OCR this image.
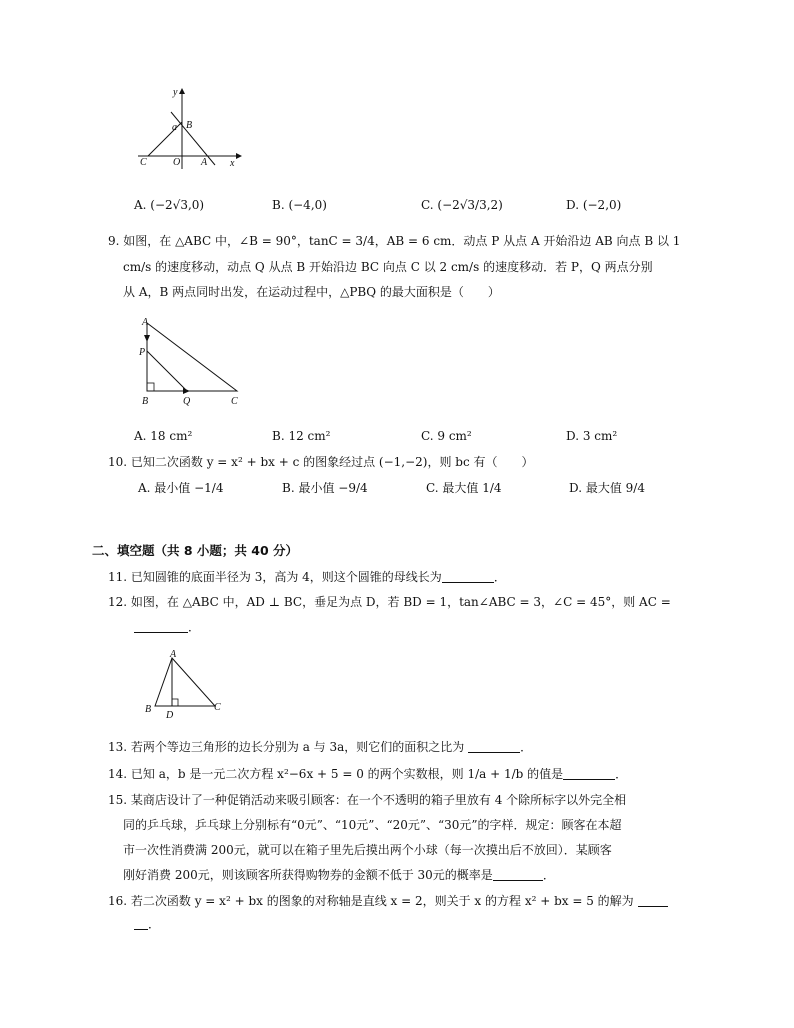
y
x
a B
C	O A
A. (−2√3,0)	B. (−4,0)	C. (−2√3/3,2)	D. (−2,0)
9. 如图，在 △ABC 中，∠B = 90°，tanC = 3/4，AB = 6 cm．动点 P 从点 A 开始沿边 AB 向点 B 以 1
cm/s 的速度移动，动点 Q 从点 B 开始沿边 BC 向点 C 以 2 cm/s 的速度移动．若 P，Q 两点分别
从 A，B 两点同时出发，在运动过程中，△PBQ 的最大面积是（　　）
A
P
B	Q	C
A. 18 cm²	B. 12 cm²	C. 9 cm²	D. 3 cm²
10. 已知二次函数 y = x² + bx + c 的图象经过点 (−1,−2)，则 bc 有（　　）
A. 最小值 −1/4	B. 最小值 −9/4	C. 最大值 1/4	D. 最大值 9/4
二、填空题（共 8 小题；共 40 分）
11. 已知圆锥的底面半径为 3，高为 4，则这个圆锥的母线长为	．
12. 如图，在 △ABC 中，AD ⊥ BC，垂足为点 D，若 BD = 1，tan∠ABC = 3，∠C = 45°，则 AC =
．
A
B
D
C
13. 若两个等边三角形的边长分别为 a 与 3a，则它们的面积之比为	．
14. 已知 a，b 是一元二次方程 x²−6x + 5 = 0 的两个实数根，则 1/a + 1/b 的值是	．
15. 某商店设计了一种促销活动来吸引顾客：在一个不透明的箱子里放有 4 个除所标字以外完全相
同的乒乓球，乒乓球上分别标有“0元”、“10元”、“20元”、“30元”的字样．规定：顾客在本超
市一次性消费满 200元，就可以在箱子里先后摸出两个小球（每一次摸出后不放回）．某顾客
刚好消费 200元，则该顾客所获得购物券的金额不低于 30元的概率是	．
16. 若二次函数 y = x² + bx 的图象的对称轴是直线 x = 2，则关于 x 的方程 x² + bx = 5 的解为
．
